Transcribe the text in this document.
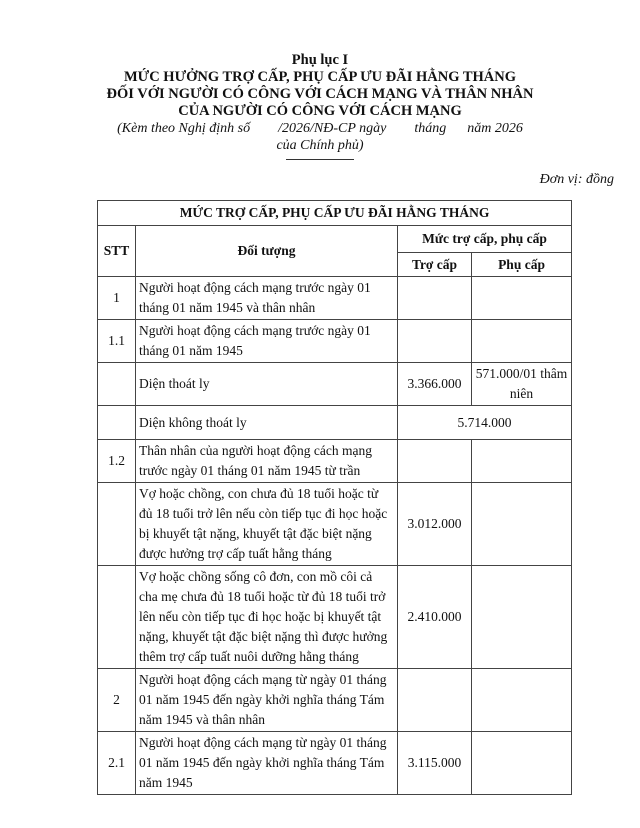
Phụ lục I
MỨC HƯỞNG TRỢ CẤP, PHỤ CẤP ƯU ĐÃI HẰNG THÁNG
ĐỐI VỚI NGƯỜI CÓ CÔNG VỚI CÁCH MẠNG VÀ THÂN NHÂN
CỦA NGƯỜI CÓ CÔNG VỚI CÁCH MẠNG
(Kèm theo Nghị định số        /2026/NĐ-CP ngày        tháng      năm 2026
của Chính phủ)
Đơn vị: đồng
MỨC TRỢ CẤP, PHỤ CẤP ƯU ĐÃI HẰNG THÁNG			
STT	Đối tượng	Mức trợ cấp, phụ cấp	
		Trợ cấp	Phụ cấp
1	Người hoạt động cách mạng trước ngày 01 tháng 01 năm 1945 và thân nhân		
1.1	Người hoạt động cách mạng trước ngày 01 tháng 01 năm 1945		
	Diện thoát ly	3.366.000	571.000/01 thâm niên
	Diện không thoát ly	5.714.000	
1.2	Thân nhân của người hoạt động cách mạng trước ngày 01 tháng 01 năm 1945 từ trần		
	Vợ hoặc chồng, con chưa đủ 18 tuổi hoặc từ đủ 18 tuổi trở lên nếu còn tiếp tục đi học hoặc bị khuyết tật nặng, khuyết tật đặc biệt nặng được hưởng trợ cấp tuất hằng tháng	3.012.000	
	Vợ hoặc chồng sống cô đơn, con mồ côi cả cha mẹ chưa đủ 18 tuổi hoặc từ đủ 18 tuổi trở lên nếu còn tiếp tục đi học hoặc bị khuyết tật nặng, khuyết tật đặc biệt nặng thì được hưởng thêm trợ cấp tuất nuôi dưỡng hằng tháng	2.410.000	
2	Người hoạt động cách mạng từ ngày 01 tháng 01 năm 1945 đến ngày khởi nghĩa tháng Tám năm 1945 và thân nhân		
2.1	Người hoạt động cách mạng từ ngày 01 tháng 01 năm 1945 đến ngày khởi nghĩa tháng Tám năm 1945	3.115.000	
